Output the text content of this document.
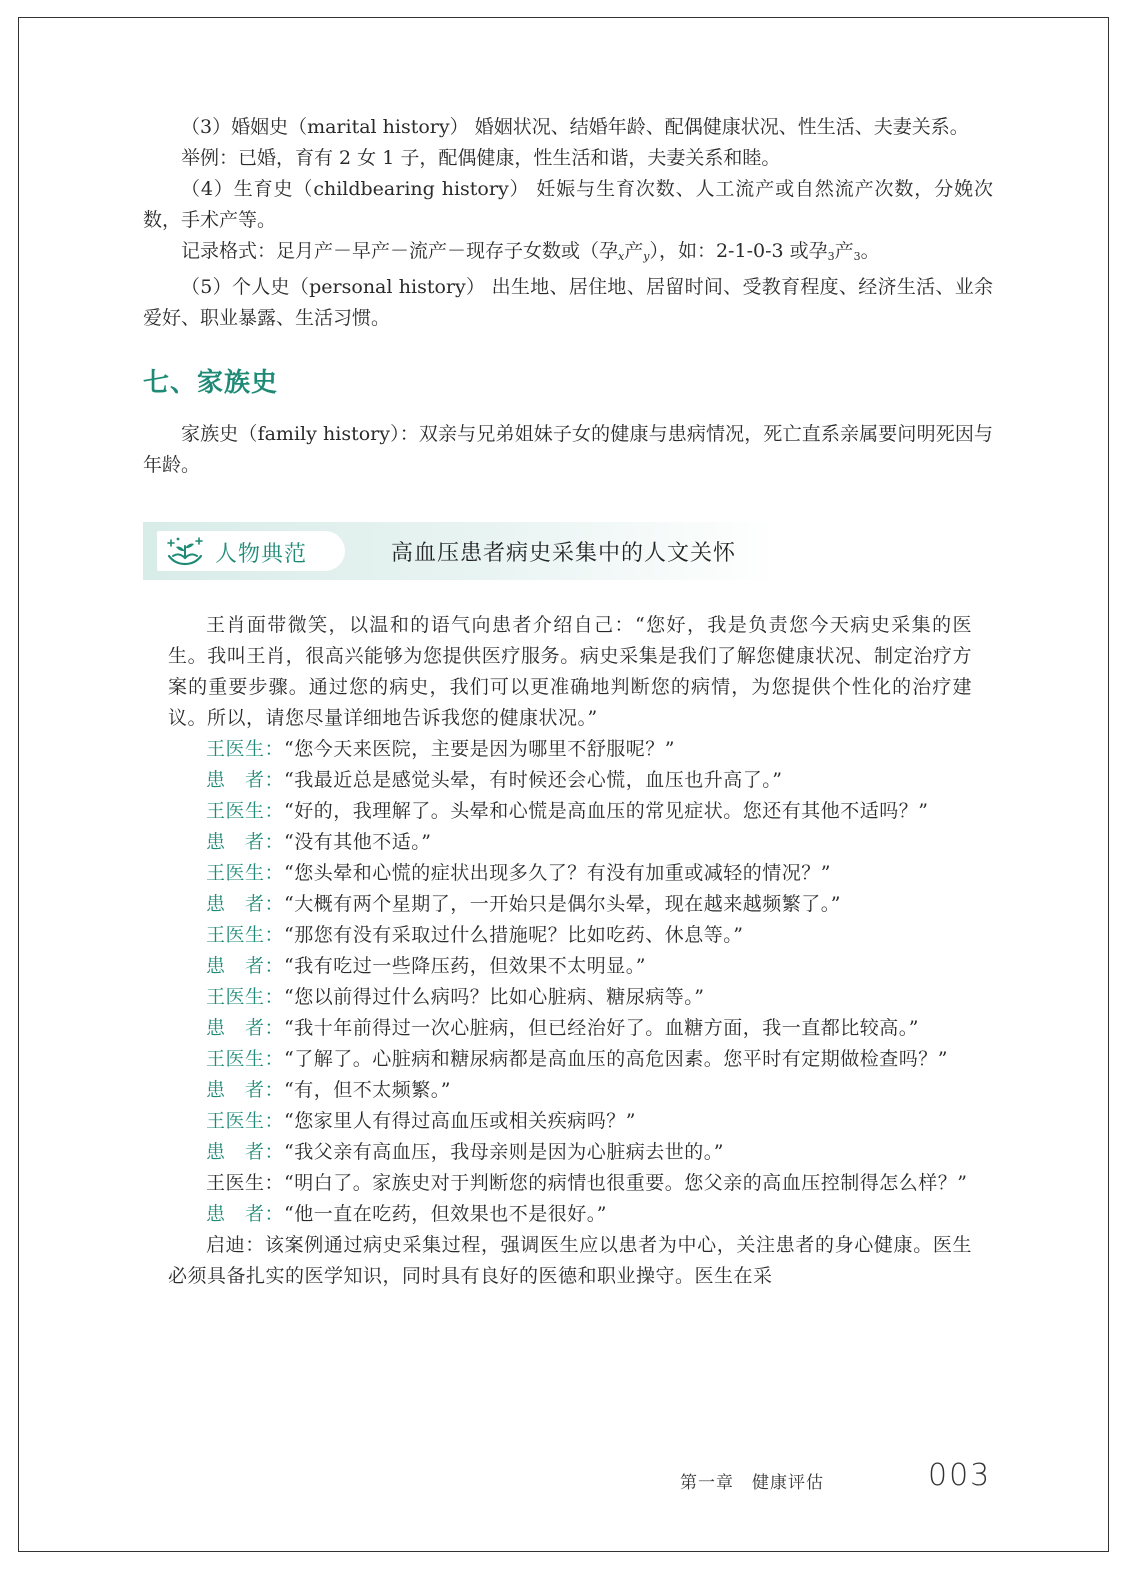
（3）婚姻史（marital history） 婚姻状况、结婚年龄、配偶健康状况、性生活、夫妻关系。

举例：已婚，育有 2 女 1 子，配偶健康，性生活和谐，夫妻关系和睦。

（4）生育史（childbearing history） 妊娠与生育次数、人工流产或自然流产次数，分娩次数，手术产等。

记录格式：足月产－早产－流产－现存子女数或（孕$_x$产$_y$），如：2-1-0-3 或孕3产3。

（5）个人史（personal history） 出生地、居住地、居留时间、受教育程度、经济生活、业余爱好、职业暴露、生活习惯。

七、家族史

家族史（family history）：双亲与兄弟姐妹子女的健康与患病情况，死亡直系亲属要问明死因与年龄。

人物典范	高血压患者病史采集中的人文关怀

王肖面带微笑，以温和的语气向患者介绍自己：“您好，我是负责您今天病史采集的医生。我叫王肖，很高兴能够为您提供医疗服务。病史采集是我们了解您健康状况、制定治疗方案的重要步骤。通过您的病史，我们可以更准确地判断您的病情，为您提供个性化的治疗建议。所以，请您尽量详细地告诉我您的健康状况。”

王医生：“您今天来医院，主要是因为哪里不舒服呢？”

患　者：“我最近总是感觉头晕，有时候还会心慌，血压也升高了。”

王医生：“好的，我理解了。头晕和心慌是高血压的常见症状。您还有其他不适吗？”

患　者：“没有其他不适。”

王医生：“您头晕和心慌的症状出现多久了？有没有加重或减轻的情况？”

患　者：“大概有两个星期了，一开始只是偶尔头晕，现在越来越频繁了。”

王医生：“那您有没有采取过什么措施呢？比如吃药、休息等。”

患　者：“我有吃过一些降压药，但效果不太明显。”

王医生：“您以前得过什么病吗？比如心脏病、糖尿病等。”

患　者：“我十年前得过一次心脏病，但已经治好了。血糖方面，我一直都比较高。”

王医生：“了解了。心脏病和糖尿病都是高血压的高危因素。您平时有定期做检查吗？”

患　者：“有，但不太频繁。”

王医生：“您家里人有得过高血压或相关疾病吗？”

患　者：“我父亲有高血压，我母亲则是因为心脏病去世的。”

王医生：“明白了。家族史对于判断您的病情也很重要。您父亲的高血压控制得怎么样？”

患　者：“他一直在吃药，但效果也不是很好。”

启迪：该案例通过病史采集过程，强调医生应以患者为中心，关注患者的身心健康。医生必须具备扎实的医学知识，同时具有良好的医德和职业操守。医生在采

第一章　健康评估	003
